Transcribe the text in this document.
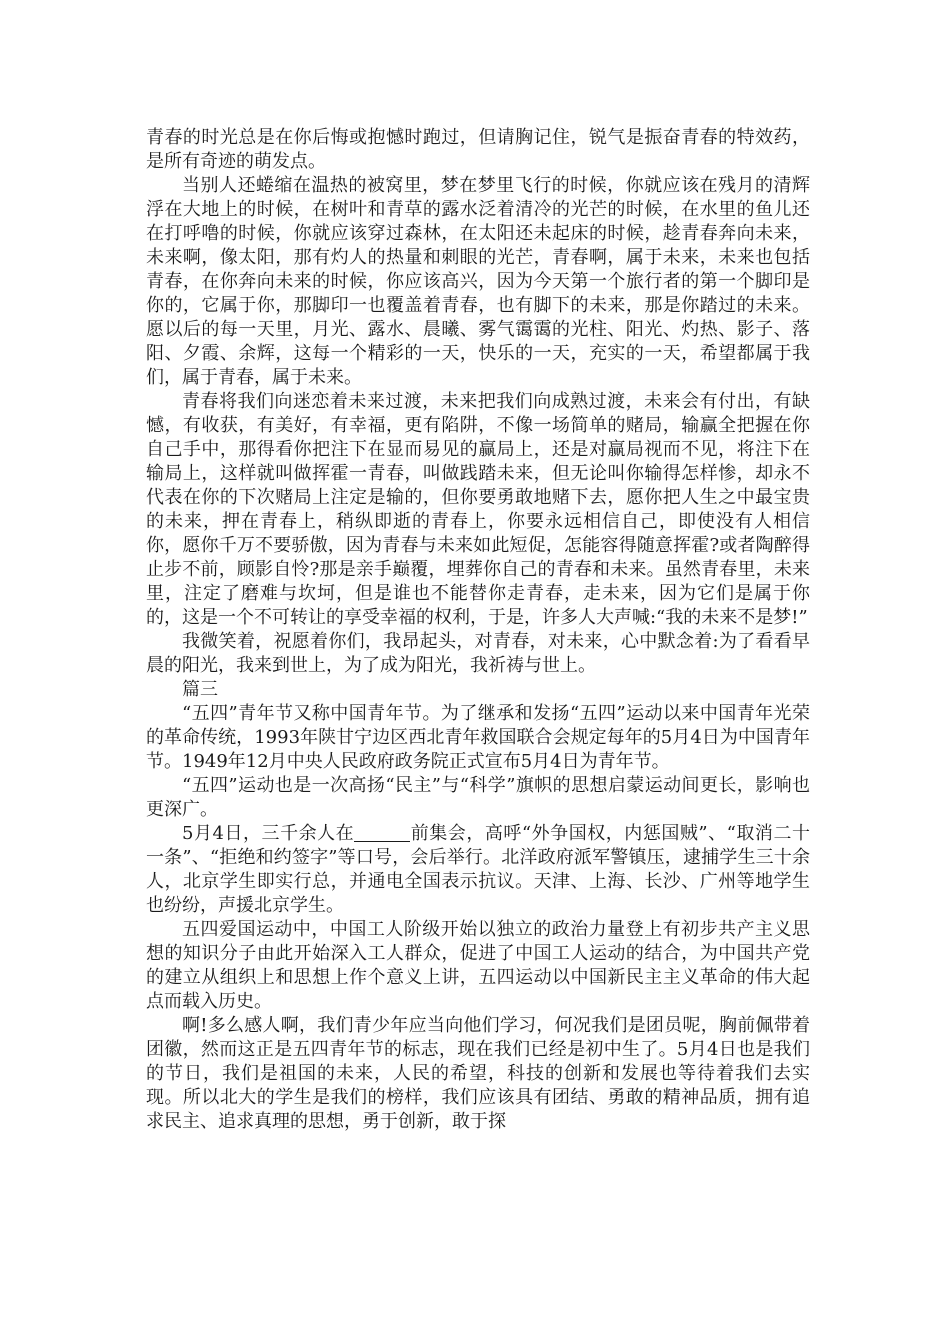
青春的时光总是在你后悔或抱憾时跑过，但请胸记住，锐气是振奋青春的特效药，是所有奇迹的萌发点。

当别人还蜷缩在温热的被窝里，梦在梦里飞行的时候，你就应该在残月的清辉浮在大地上的时候，在树叶和青草的露水泛着清冷的光芒的时候，在水里的鱼儿还在打呼噜的时候，你就应该穿过森林，在太阳还未起床的时候，趁青春奔向未来，未来啊，像太阳，那有灼人的热量和刺眼的光芒，青春啊，属于未来，未来也包括青春，在你奔向未来的时候，你应该高兴，因为今天第一个旅行者的第一个脚印是你的，它属于你，那脚印一也覆盖着青春，也有脚下的未来，那是你踏过的未来。愿以后的每一天里，月光、露水、晨曦、雾气霭霭的光柱、阳光、灼热、影子、落阳、夕霞、余辉，这每一个精彩的一天，快乐的一天，充实的一天，希望都属于我们，属于青春，属于未来。

青春将我们向迷恋着未来过渡，未来把我们向成熟过渡，未来会有付出，有缺憾，有收获，有美好，有幸福，更有陷阱，不像一场简单的赌局，输赢全把握在你自己手中，那得看你把注下在显而易见的赢局上，还是对赢局视而不见，将注下在输局上，这样就叫做挥霍一青春，叫做践踏未来，但无论叫你输得怎样惨，却永不代表在你的下次赌局上注定是输的，但你要勇敢地赌下去，愿你把人生之中最宝贵的未来，押在青春上，稍纵即逝的青春上，你要永远相信自己，即使没有人相信你，愿你千万不要骄傲，因为青春与未来如此短促，怎能容得随意挥霍?或者陶醉得止步不前，顾影自怜?那是亲手巅覆，埋葬你自己的青春和未来。虽然青春里，未来里，注定了磨难与坎坷，但是谁也不能替你走青春，走未来，因为它们是属于你的，这是一个不可转让的享受幸福的权利，于是，许多人大声喊:“我的未来不是梦!”

我微笑着，祝愿着你们，我昂起头，对青春，对未来，心中默念着:为了看看早晨的阳光，我来到世上，为了成为阳光，我祈祷与世上。

篇三

“五四”青年节又称中国青年节。为了继承和发扬“五四”运动以来中国青年光荣的革命传统，1993年陕甘宁边区西北青年救国联合会规定每年的5月4日为中国青年节。1949年12月中央人民政府政务院正式宣布5月4日为青年节。

“五四”运动也是一次高扬“民主”与“科学”旗帜的思想启蒙运动间更长，影响也更深广。

5月4日，三千余人在	前集会，高呼“外争国权，内惩国贼”、“取消二十一条”、“拒绝和约签字”等口号，会后举行。北洋政府派军警镇压，逮捕学生三十余人，北京学生即实行总，并通电全国表示抗议。天津、上海、长沙、广州等地学生也纷纷，声援北京学生。

五四爱国运动中，中国工人阶级开始以独立的政治力量登上有初步共产主义思想的知识分子由此开始深入工人群众，促进了中国工人运动的结合，为中国共产党的建立从组织上和思想上作个意义上讲，五四运动以中国新民主主义革命的伟大起点而载入历史。

啊!多么感人啊，我们青少年应当向他们学习，何况我们是团员呢，胸前佩带着团徽，然而这正是五四青年节的标志，现在我们已经是初中生了。5月4日也是我们的节日，我们是祖国的未来，人民的希望，科技的创新和发展也等待着我们去实现。所以北大的学生是我们的榜样，我们应该具有团结、勇敢的精神品质，拥有追求民主、追求真理的思想，勇于创新，敢于探
